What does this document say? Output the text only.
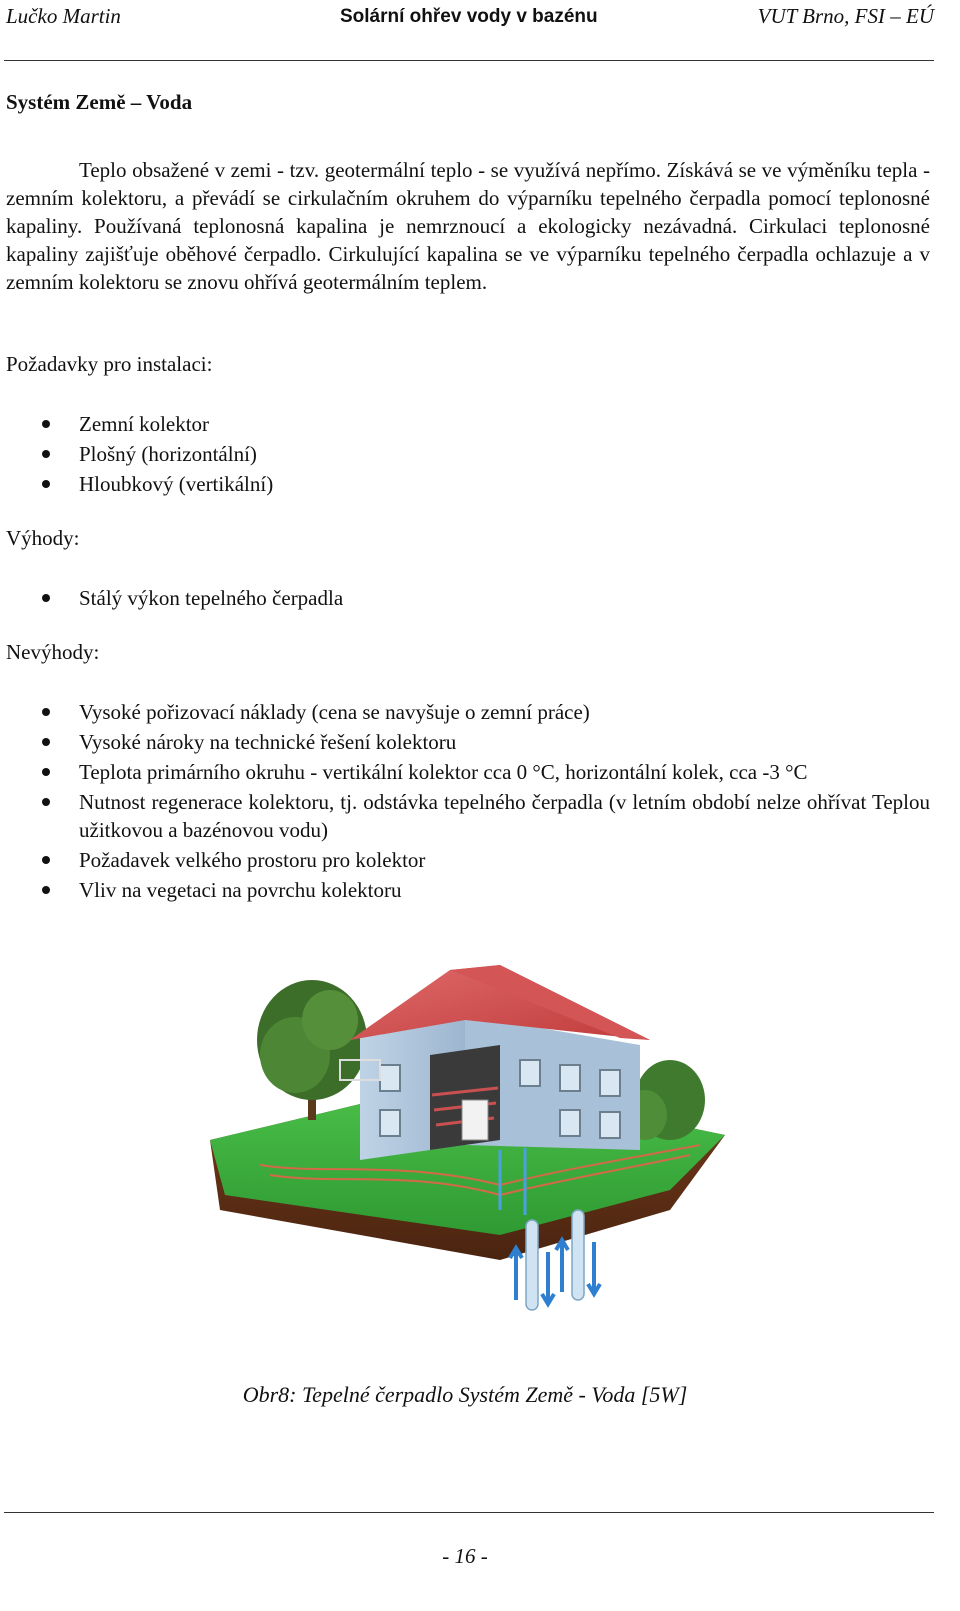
Lučko Martin	Solární ohřev vody v bazénu	VUT Brno, FSI – EÚ
Systém Země – Voda

Teplo obsažené v zemi - tzv. geotermální teplo - se využívá nepřímo. Získává se ve výměníku tepla - zemním kolektoru, a převádí se cirkulačním okruhem do výparníku tepelného čerpadla pomocí teplonosné kapaliny. Používaná teplonosná kapalina je nemrznoucí a ekologicky nezávadná. Cirkulaci teplonosné kapaliny zajišťuje oběhové čerpadlo. Cirkulující kapalina se ve výparníku tepelného čerpadla ochlazuje a v zemním kolektoru se znovu ohřívá geotermálním teplem.

Požadavky pro instalaci:
Zemní kolektor
Plošný (horizontální)
Hloubkový (vertikální)
Výhody:
Stálý výkon tepelného čerpadla
Nevýhody:
Vysoké pořizovací náklady (cena se navyšuje o zemní práce)
Vysoké nároky na technické řešení kolektoru
Teplota primárního okruhu - vertikální kolektor cca 0 °C, horizontální kolek, cca -3 °C
Nutnost regenerace kolektoru, tj. odstávka tepelného čerpadla (v letním období nelze ohřívat Teplou užitkovou a bazénovou vodu)
Požadavek velkého prostoru pro kolektor
Vliv na vegetaci na povrchu kolektoru
Obr8: Tepelné čerpadlo Systém Země - Voda [5W]
- 16 -
